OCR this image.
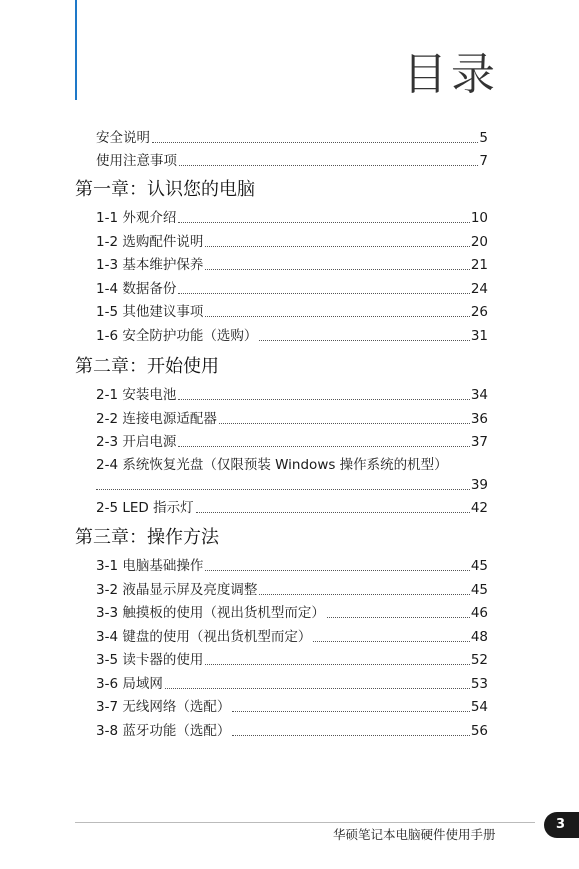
目录
安全说明	5
使用注意事项	7
第一章：认识您的电脑
1-1 外观介绍	10
1-2 选购配件说明	20
1-3 基本维护保养	21
1-4 数据备份	24
1-5 其他建议事项	26
1-6 安全防护功能（选购）	31
第二章：开始使用
2-1 安装电池	34
2-2 连接电源适配器	36
2-3 开启电源	37
2-4 系统恢复光盘（仅限预装 Windows 操作系统的机型）
39
2-5 LED 指示灯	42
第三章：操作方法
3-1 电脑基础操作	45
3-2 液晶显示屏及亮度调整	45
3-3 触摸板的使用（视出货机型而定）	46
3-4 键盘的使用（视出货机型而定）	48
3-5 读卡器的使用	52
3-6 局域网	53
3-7 无线网络（选配）	54
3-8 蓝牙功能（选配）	56
华硕笔记本电脑硬件使用手册
3
